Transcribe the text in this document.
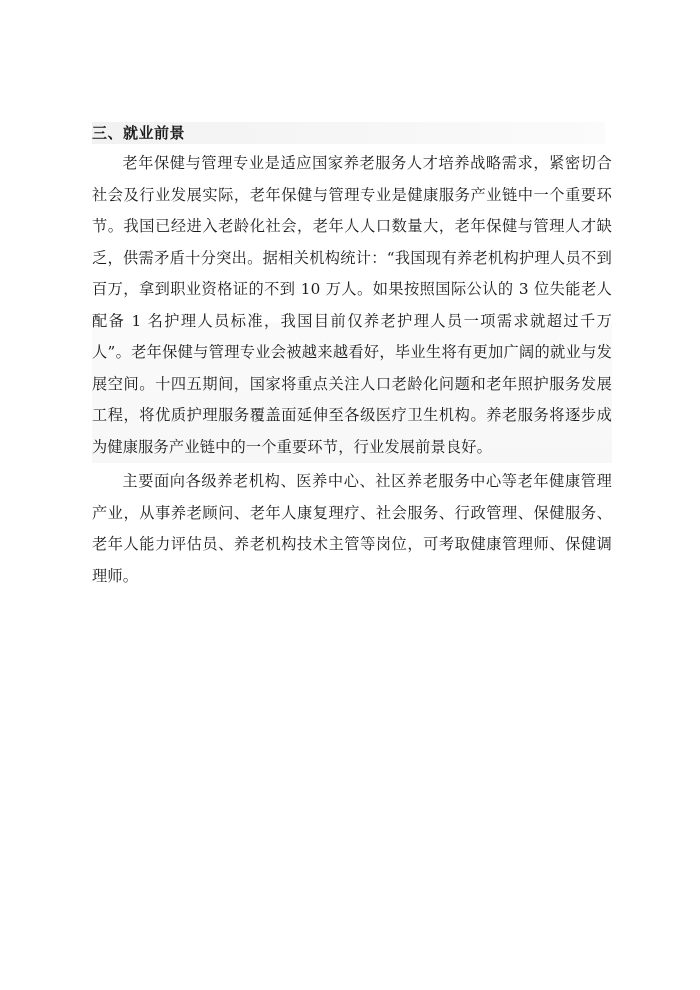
三、就业前景

老年保健与管理专业是适应国家养老服务人才培养战略需求，紧密切合社会及行业发展实际，老年保健与管理专业是健康服务产业链中一个重要环节。我国已经进入老龄化社会，老年人人口数量大，老年保健与管理人才缺乏，供需矛盾十分突出。据相关机构统计：“我国现有养老机构护理人员不到百万，拿到职业资格证的不到 10 万人。如果按照国际公认的 3 位失能老人配备 1 名护理人员标准，我国目前仅养老护理人员一项需求就超过千万人”。老年保健与管理专业会被越来越看好，毕业生将有更加广阔的就业与发展空间。十四五期间，国家将重点关注人口老龄化问题和老年照护服务发展工程，将优质护理服务覆盖面延伸至各级医疗卫生机构。养老服务将逐步成为健康服务产业链中的一个重要环节，行业发展前景良好。

主要面向各级养老机构、医养中心、社区养老服务中心等老年健康管理产业，从事养老顾问、老年人康复理疗、社会服务、行政管理、保健服务、老年人能力评估员、养老机构技术主管等岗位，可考取健康管理师、保健调理师。
